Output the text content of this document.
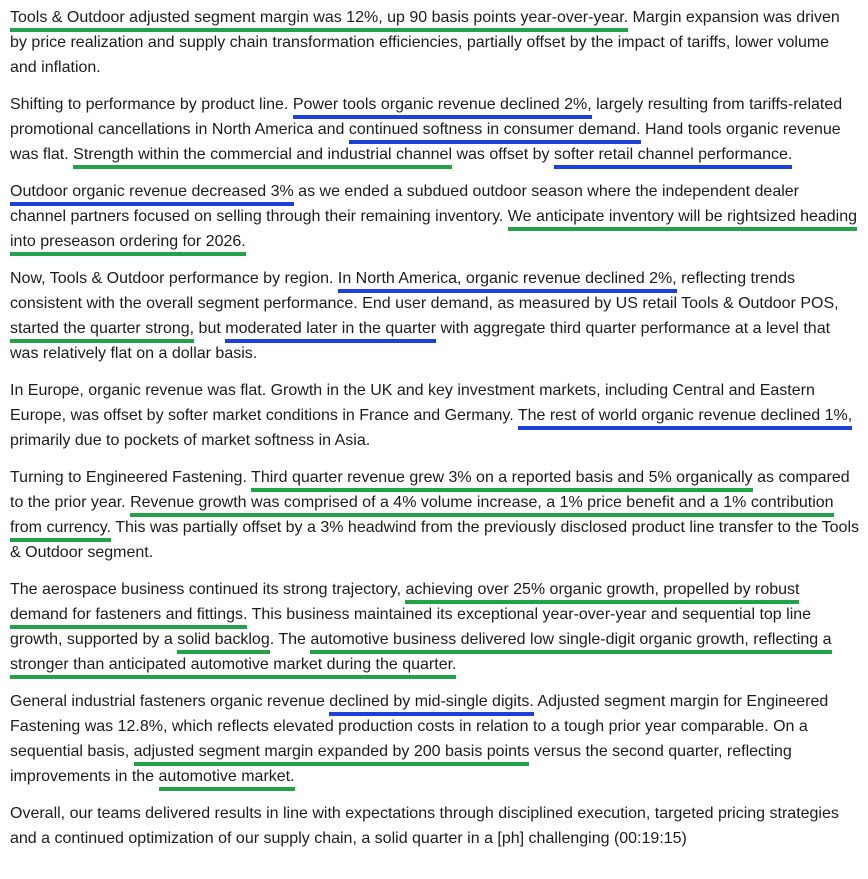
Tools & Outdoor adjusted segment margin was 12%, up 90 basis points year-over-year. Margin expansion was driven by price realization and supply chain transformation efficiencies, partially offset by the impact of tariffs, lower volume and inflation.

Shifting to performance by product line. Power tools organic revenue declined 2%, largely resulting from tariffs-related promotional cancellations in North America and continued softness in consumer demand. Hand tools organic revenue was flat. Strength within the commercial and industrial channel was offset by softer retail channel performance.

Outdoor organic revenue decreased 3% as we ended a subdued outdoor season where the independent dealer channel partners focused on selling through their remaining inventory. We anticipate inventory will be rightsized heading into preseason ordering for 2026.

Now, Tools & Outdoor performance by region. In North America, organic revenue declined 2%, reflecting trends consistent with the overall segment performance. End user demand, as measured by US retail Tools & Outdoor POS, started the quarter strong, but moderated later in the quarter with aggregate third quarter performance at a level that was relatively flat on a dollar basis.

In Europe, organic revenue was flat. Growth in the UK and key investment markets, including Central and Eastern Europe, was offset by softer market conditions in France and Germany. The rest of world organic revenue declined 1%, primarily due to pockets of market softness in Asia.

Turning to Engineered Fastening. Third quarter revenue grew 3% on a reported basis and 5% organically as compared to the prior year. Revenue growth was comprised of a 4% volume increase, a 1% price benefit and a 1% contribution from currency. This was partially offset by a 3% headwind from the previously disclosed product line transfer to the Tools & Outdoor segment.

The aerospace business continued its strong trajectory, achieving over 25% organic growth, propelled by robust demand for fasteners and fittings. This business maintained its exceptional year-over-year and sequential top line growth, supported by a solid backlog. The automotive business delivered low single-digit organic growth, reflecting a stronger than anticipated automotive market during the quarter.

General industrial fasteners organic revenue declined by mid-single digits. Adjusted segment margin for Engineered Fastening was 12.8%, which reflects elevated production costs in relation to a tough prior year comparable. On a sequential basis, adjusted segment margin expanded by 200 basis points versus the second quarter, reflecting improvements in the automotive market.

Overall, our teams delivered results in line with expectations through disciplined execution, targeted pricing strategies and a continued optimization of our supply chain, a solid quarter in a [ph] challenging (00:19:15)
